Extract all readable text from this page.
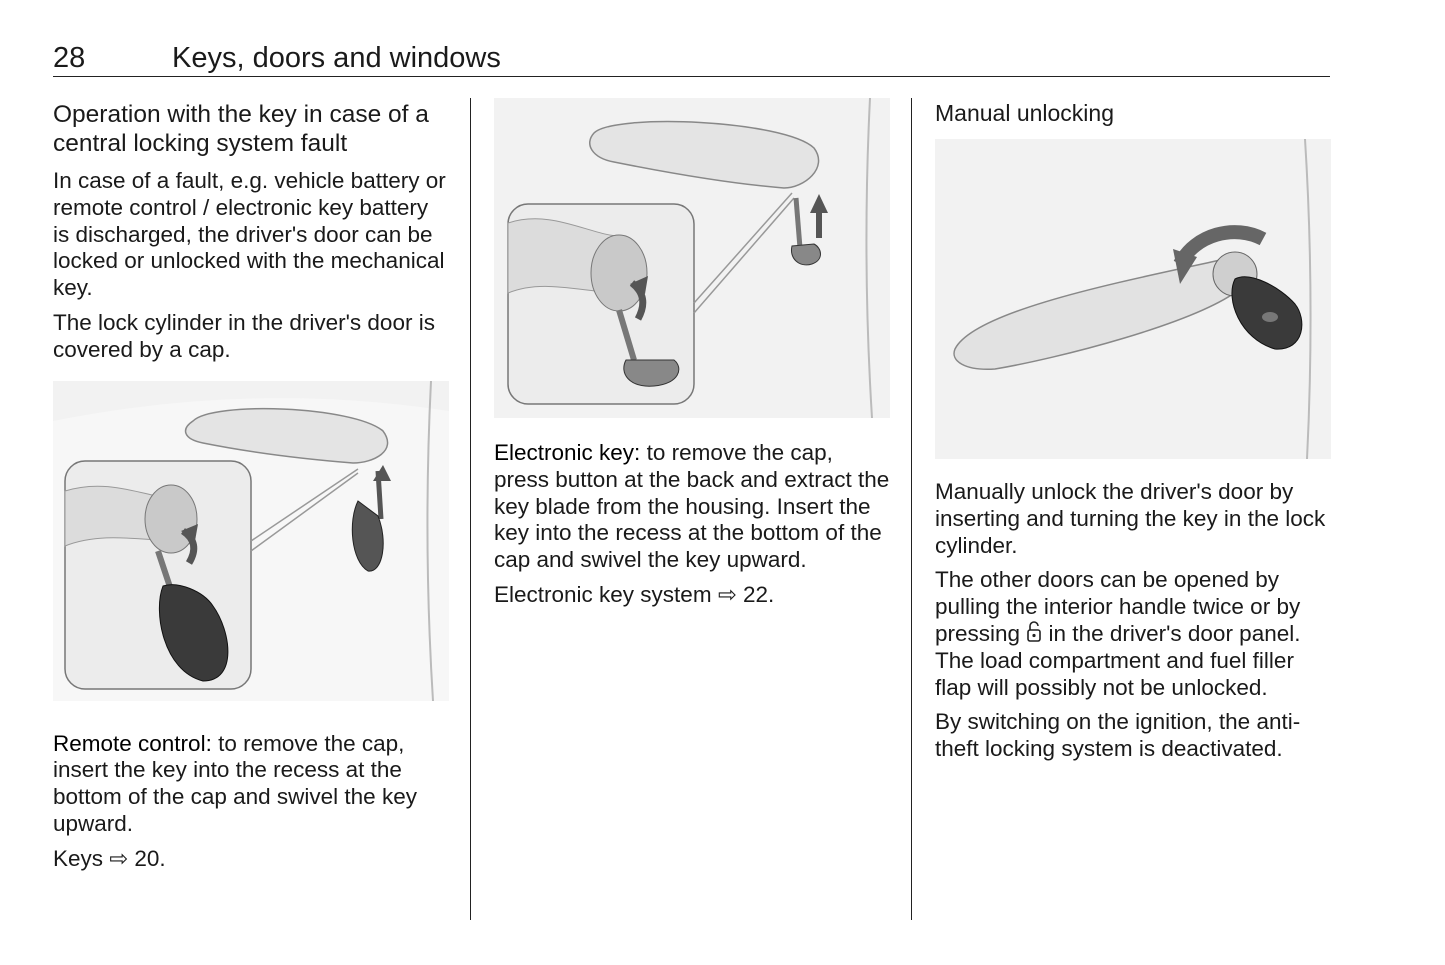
28	Keys, doors and windows
Operation with the key in case of a central locking system fault

In case of a fault, e.g. vehicle battery or remote control / electronic key battery is discharged, the driver's door can be locked or unlocked with the mechanical key.

The lock cylinder in the driver's door is covered by a cap.

Remote control: to remove the cap, insert the key into the recess at the bottom of the cap and swivel the key upward.

Keys ⇨ 20.

Electronic key: to remove the cap, press button at the back and extract the key blade from the housing. Insert the key into the recess at the bottom of the cap and swivel the key upward.

Electronic key system ⇨ 22.

Manual unlocking

Manually unlock the driver's door by inserting and turning the key in the lock cylinder.

The other doors can be opened by pulling the interior handle twice or by pressing  in the driver's door panel. The load compartment and fuel filler flap will possibly not be unlocked.

By switching on the ignition, the anti-theft locking system is deactivated.
